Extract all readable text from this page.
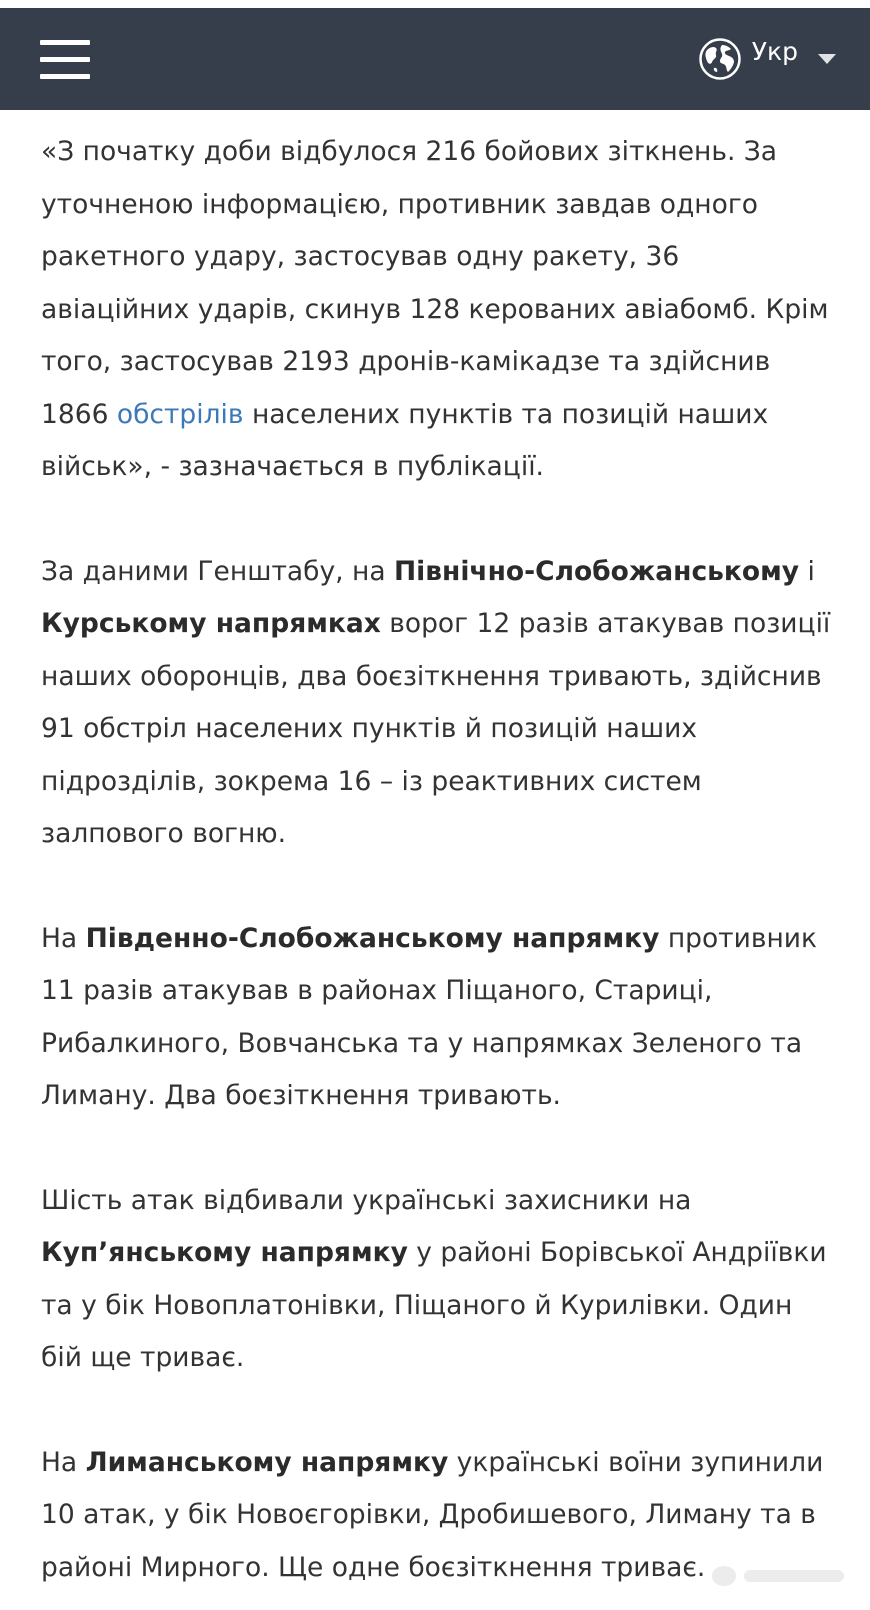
Укр

«З початку доби відбулося 216 бойових зіткнень. За уточненою інформацією, противник завдав одного ракетного удару, застосував одну ракету, 36 авіаційних ударів, скинув 128 керованих авіабомб. Крім того, застосував 2193 дронів-камікадзе та здійснив 1866 обстрілів населених пунктів та позицій наших військ», - зазначається в публікації.

За даними Генштабу, на Північно-Слобожанському і Курському напрямках ворог 12 разів атакував позиції наших оборонців, два боєзіткнення тривають, здійснив 91 обстріл населених пунктів й позицій наших підрозділів, зокрема 16 – із реактивних систем залпового вогню.

На Південно-Слобожанському напрямку противник 11 разів атакував в районах Піщаного, Стариці, Рибалкиного, Вовчанська та у напрямках Зеленого та Лиману. Два боєзіткнення тривають.

Шість атак відбивали українські захисники на Куп’янському напрямку у районі Борівської Андріївки та у бік Новоплатонівки, Піщаного й Курилівки. Один бій ще триває.

На Лиманському напрямку українські воїни зупинили 10 атак, у бік Новоєгорівки, Дробишевого, Лиману та в районі Мирного. Ще одне боєзіткнення триває.
